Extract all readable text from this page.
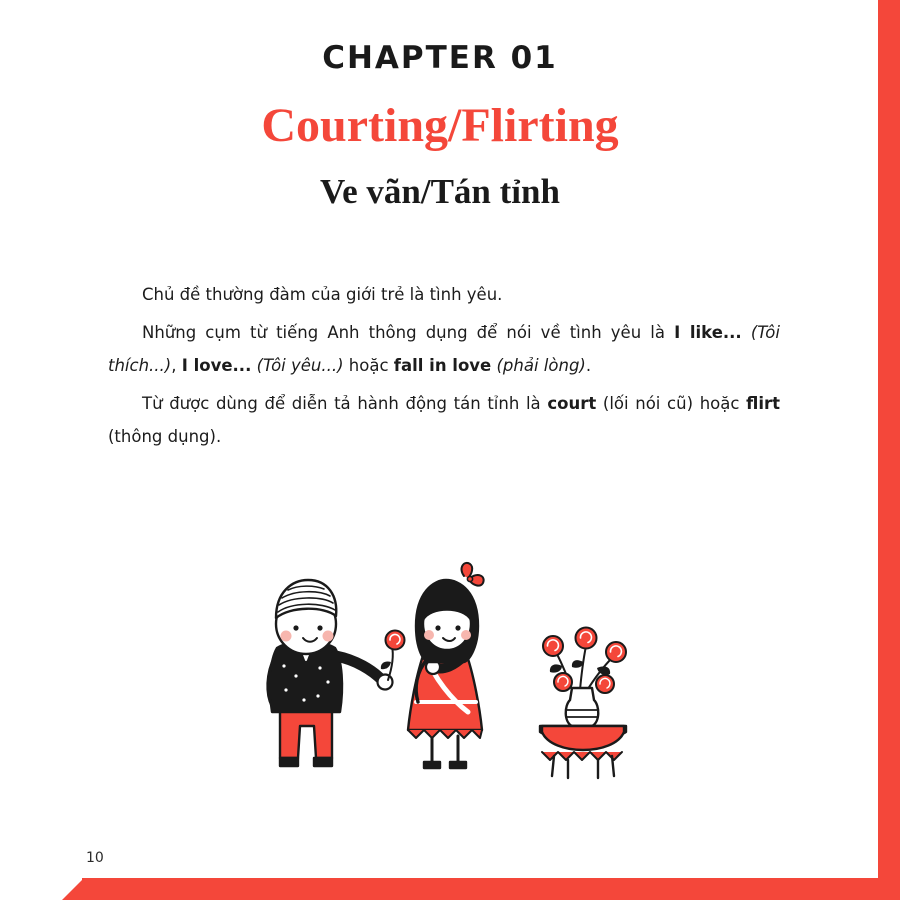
CHAPTER 01
Courting/Flirting
Ve vãn/Tán tỉnh

Chủ đề thường đàm của giới trẻ là tình yêu.

Những cụm từ tiếng Anh thông dụng để nói về tình yêu là I like... (Tôi thích...), I love... (Tôi yêu...) hoặc fall in love (phải lòng).

Từ được dùng để diễn tả hành động tán tỉnh là court (lối nói cũ) hoặc flirt (thông dụng).

10
